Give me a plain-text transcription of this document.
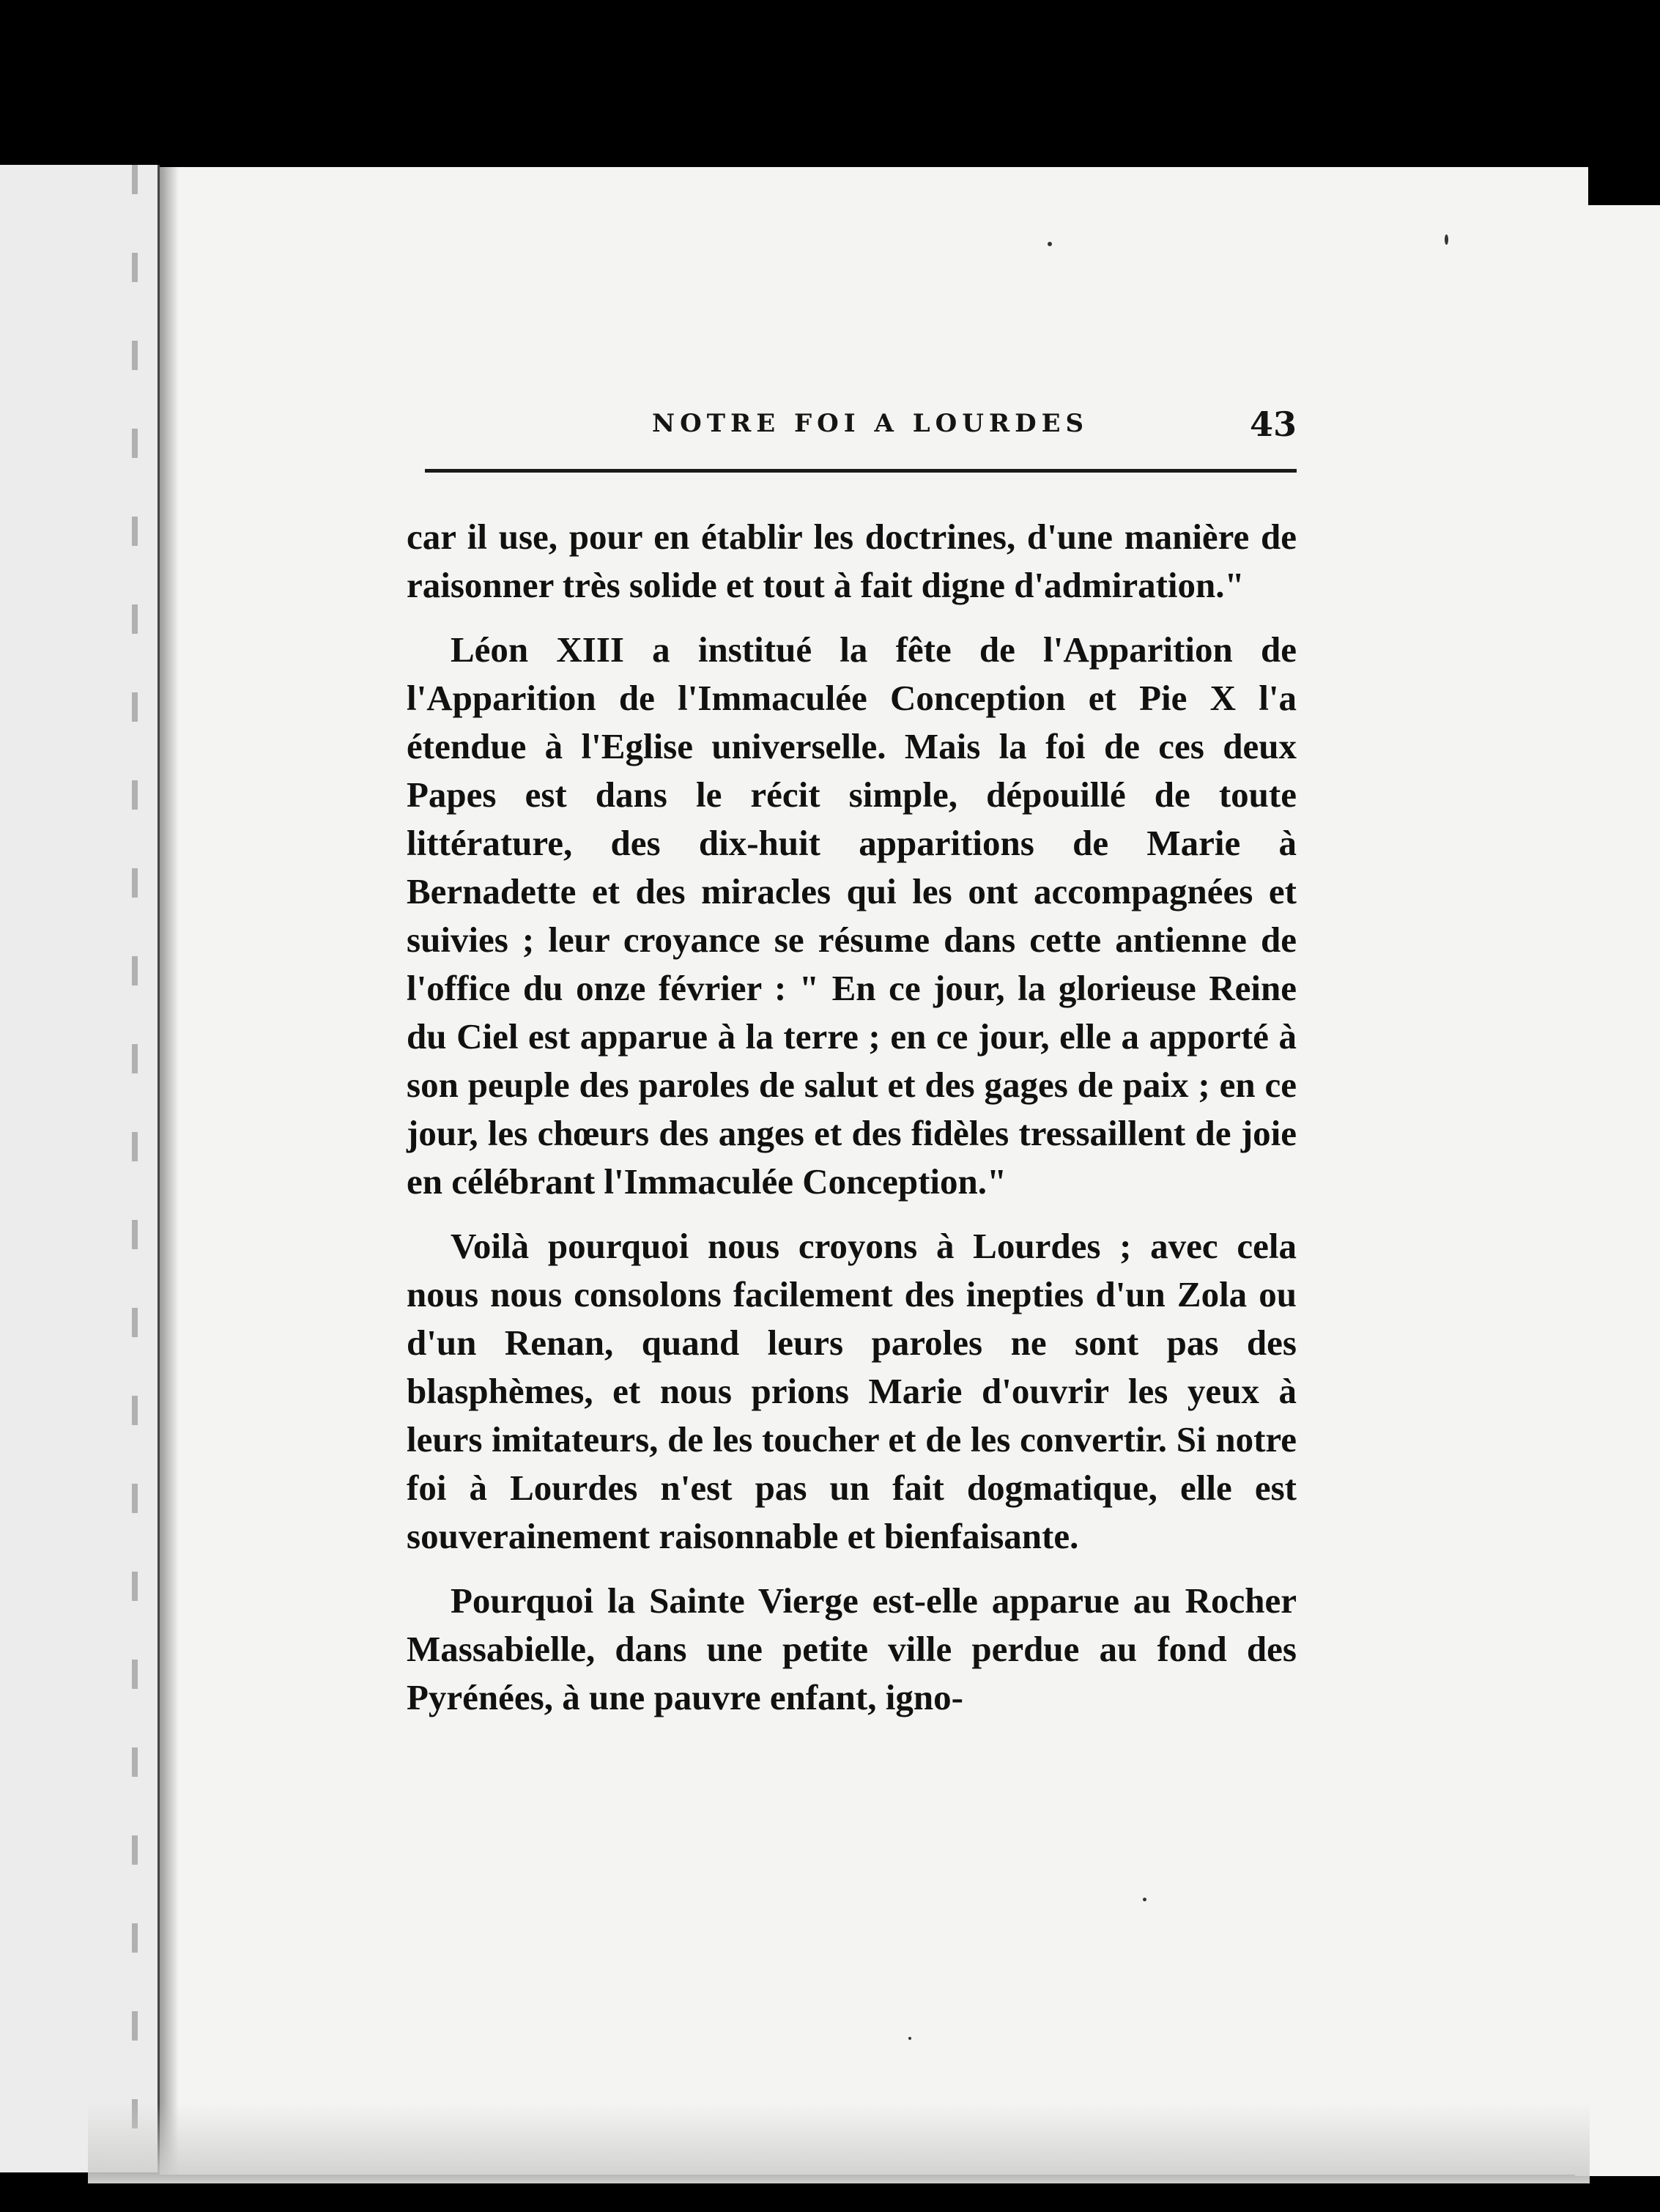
NOTRE FOI A LOURDES	43

car il use, pour en établir les doctrines, d'une manière de raisonner très solide et tout à fait digne d'admiration."

Léon XIII a institué la fête de l'Apparition de l'Apparition de l'Immaculée Conception et Pie X l'a étendue à l'Eglise universelle. Mais la foi de ces deux Papes est dans le récit simple, dépouillé de toute littérature, des dix-huit apparitions de Marie à Bernadette et des miracles qui les ont accompagnées et suivies ; leur croyance se résume dans cette antienne de l'office du onze février : " En ce jour, la glorieuse Reine du Ciel est apparue à la terre ; en ce jour, elle a apporté à son peuple des paroles de salut et des gages de paix ; en ce jour, les chœurs des anges et des fidèles tressaillent de joie en célébrant l'Immaculée Conception."

Voilà pourquoi nous croyons à Lourdes ; avec cela nous nous consolons facilement des inepties d'un Zola ou d'un Renan, quand leurs paroles ne sont pas des blasphèmes, et nous prions Marie d'ouvrir les yeux à leurs imitateurs, de les toucher et de les convertir. Si notre foi à Lourdes n'est pas un fait dogmatique, elle est souverainement raisonnable et bienfaisante.

Pourquoi la Sainte Vierge est-elle apparue au Rocher Massabielle, dans une petite ville perdue au fond des Pyrénées, à une pauvre enfant, igno-
